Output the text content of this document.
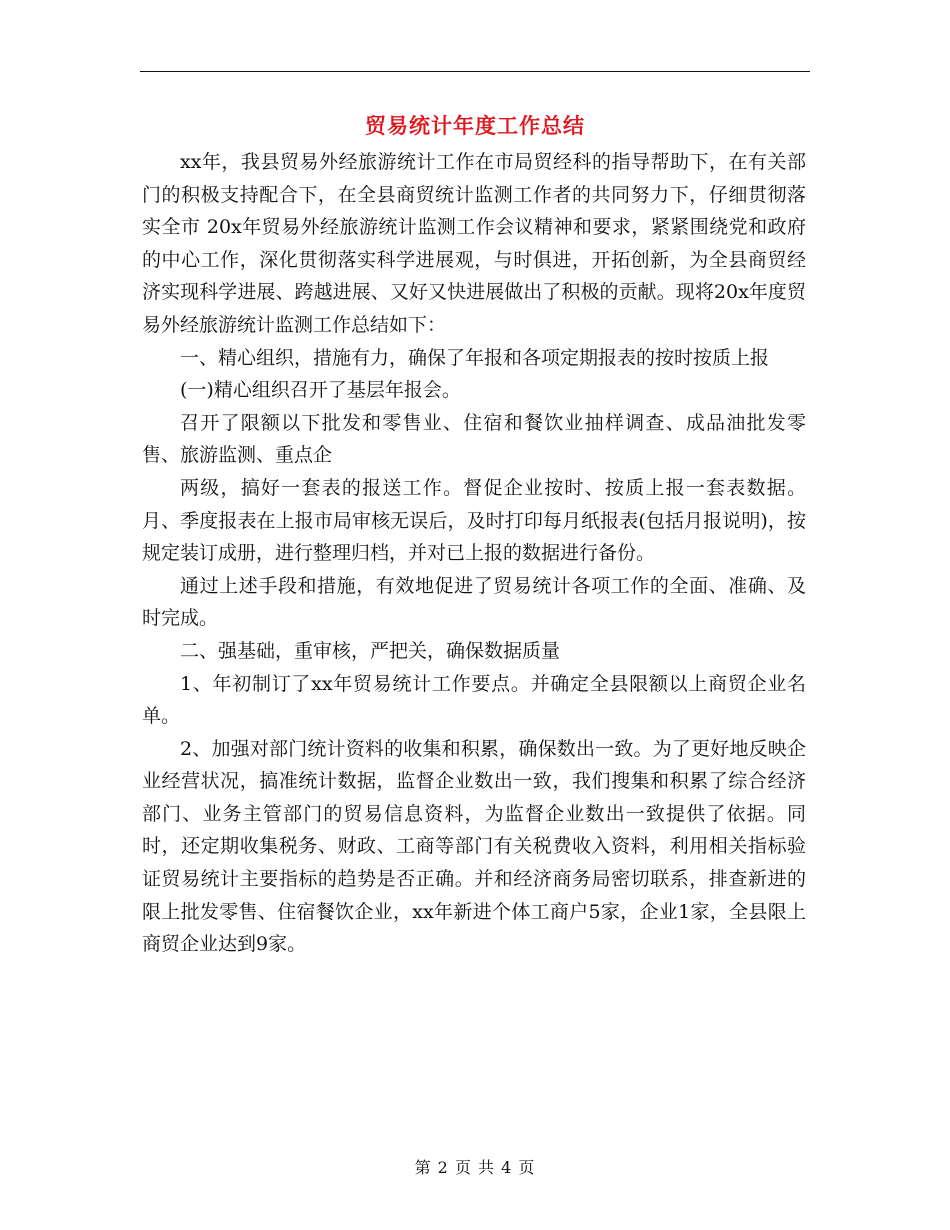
贸易统计年度工作总结

xx年，我县贸易外经旅游统计工作在市局贸经科的指导帮助下，在有关部门的积极支持配合下，在全县商贸统计监测工作者的共同努力下，仔细贯彻落实全市 20x年贸易外经旅游统计监测工作会议精神和要求，紧紧围绕党和政府的中心工作，深化贯彻落实科学进展观，与时俱进，开拓创新，为全县商贸经济实现科学进展、跨越进展、又好又快进展做出了积极的贡献。现将20x年度贸易外经旅游统计监测工作总结如下：

一、精心组织，措施有力，确保了年报和各项定期报表的按时按质上报

(一)精心组织召开了基层年报会。

召开了限额以下批发和零售业、住宿和餐饮业抽样调查、成品油批发零售、旅游监测、重点企

两级，搞好一套表的报送工作。督促企业按时、按质上报一套表数据。月、季度报表在上报市局审核无误后，及时打印每月纸报表(包括月报说明)，按规定装订成册，进行整理归档，并对已上报的数据进行备份。

通过上述手段和措施，有效地促进了贸易统计各项工作的全面、准确、及时完成。

二、强基础，重审核，严把关，确保数据质量

1、年初制订了xx年贸易统计工作要点。并确定全县限额以上商贸企业名单。

2、加强对部门统计资料的收集和积累，确保数出一致。为了更好地反映企业经营状况，搞准统计数据，监督企业数出一致，我们搜集和积累了综合经济部门、业务主管部门的贸易信息资料，为监督企业数出一致提供了依据。同时，还定期收集税务、财政、工商等部门有关税费收入资料，利用相关指标验证贸易统计主要指标的趋势是否正确。并和经济商务局密切联系，排查新进的限上批发零售、住宿餐饮企业，xx年新进个体工商户5家，企业1家，全县限上商贸企业达到9家。

第 2 页 共 4 页
